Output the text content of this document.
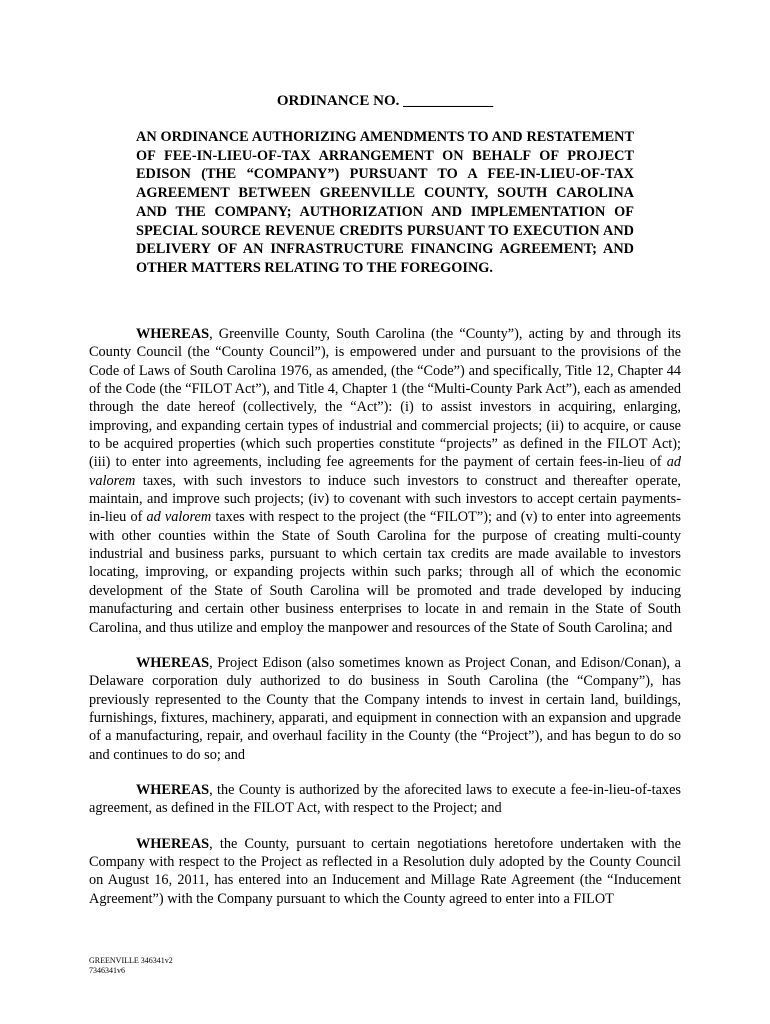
ORDINANCE NO. ____________
AN ORDINANCE AUTHORIZING AMENDMENTS TO AND RESTATEMENT OF FEE-IN-LIEU-OF-TAX ARRANGEMENT ON BEHALF OF PROJECT EDISON (THE “COMPANY”) PURSUANT TO A FEE-IN-LIEU-OF-TAX AGREEMENT BETWEEN GREENVILLE COUNTY, SOUTH CAROLINA AND THE COMPANY; AUTHORIZATION AND IMPLEMENTATION OF SPECIAL SOURCE REVENUE CREDITS PURSUANT TO EXECUTION AND DELIVERY OF AN INFRASTRUCTURE FINANCING AGREEMENT; AND OTHER MATTERS RELATING TO THE FOREGOING.

WHEREAS, Greenville County, South Carolina (the “County”), acting by and through its County Council (the “County Council”), is empowered under and pursuant to the provisions of the Code of Laws of South Carolina 1976, as amended, (the “Code”) and specifically, Title 12, Chapter 44 of the Code (the “FILOT Act”), and Title 4, Chapter 1 (the “Multi-County Park Act”), each as amended through the date hereof (collectively, the “Act”): (i) to assist investors in acquiring, enlarging, improving, and expanding certain types of industrial and commercial projects; (ii) to acquire, or cause to be acquired properties (which such properties constitute “projects” as defined in the FILOT Act); (iii) to enter into agreements, including fee agreements for the payment of certain fees-in-lieu of ad valorem taxes, with such investors to induce such investors to construct and thereafter operate, maintain, and improve such projects; (iv) to covenant with such investors to accept certain payments-in-lieu of ad valorem taxes with respect to the project (the “FILOT”); and (v) to enter into agreements with other counties within the State of South Carolina for the purpose of creating multi-county industrial and business parks, pursuant to which certain tax credits are made available to investors locating, improving, or expanding projects within such parks; through all of which the economic development of the State of South Carolina will be promoted and trade developed by inducing manufacturing and certain other business enterprises to locate in and remain in the State of South Carolina, and thus utilize and employ the manpower and resources of the State of South Carolina; and

WHEREAS, Project Edison (also sometimes known as Project Conan, and Edison/Conan), a Delaware corporation duly authorized to do business in South Carolina (the “Company”), has previously represented to the County that the Company intends to invest in certain land, buildings, furnishings, fixtures, machinery, apparati, and equipment in connection with an expansion and upgrade of a manufacturing, repair, and overhaul facility in the County (the “Project”), and has begun to do so and continues to do so; and

WHEREAS, the County is authorized by the aforecited laws to execute a fee-in-lieu-of-taxes agreement, as defined in the FILOT Act, with respect to the Project; and

WHEREAS, the County, pursuant to certain negotiations heretofore undertaken with the Company with respect to the Project as reflected in a Resolution duly adopted by the County Council on August 16, 2011, has entered into an Inducement and Millage Rate Agreement (the “Inducement Agreement”) with the Company pursuant to which the County agreed to enter into a FILOT

GREENVILLE 346341v2
7346341v6
